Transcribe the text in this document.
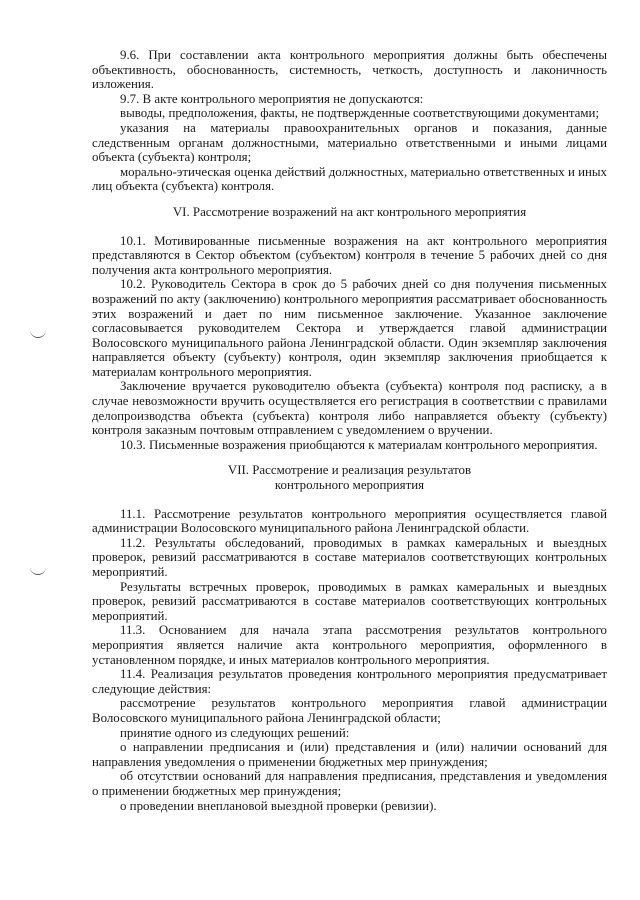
9.6. При составлении акта контрольного мероприятия должны быть обеспечены объективность, обоснованность, системность, четкость, доступность и лаконичность изложения.

9.7. В акте контрольного мероприятия не допускаются:

выводы, предположения, факты, не подтвержденные соответствующими документами;

указания на материалы правоохранительных органов и показания, данные следственным органам должностными, материально ответственными и иными лицами объекта (субъекта) контроля;

морально-этическая оценка действий должностных, материально ответственных и иных лиц объекта (субъекта) контроля.

VI. Рассмотрение возражений на акт контрольного мероприятия

10.1. Мотивированные письменные возражения на акт контрольного мероприятия представляются в Сектор объектом (субъектом) контроля в течение 5 рабочих дней со дня получения акта контрольного мероприятия.

10.2. Руководитель Сектора в срок до 5 рабочих дней со дня получения письменных возражений по акту (заключению) контрольного мероприятия рассматривает обоснованность этих возражений и дает по ним письменное заключение. Указанное заключение согласовывается руководителем Сектора и утверждается главой администрации Волосовского муниципального района Ленинградской области. Один экземпляр заключения направляется объекту (субъекту) контроля, один экземпляр заключения приобщается к материалам контрольного мероприятия.

Заключение вручается руководителю объекта (субъекта) контроля под расписку, а в случае невозможности вручить осуществляется его регистрация в соответствии с правилами делопроизводства объекта (субъекта) контроля либо направляется объекту (субъекту) контроля заказным почтовым отправлением с уведомлением о вручении.

10.3. Письменные возражения приобщаются к материалам контрольного мероприятия.

VII. Рассмотрение и реализация результатов

контрольного мероприятия

11.1. Рассмотрение результатов контрольного мероприятия осуществляется главой администрации Волосовского муниципального района Ленинградской области.

11.2. Результаты обследований, проводимых в рамках камеральных и выездных проверок, ревизий рассматриваются в составе материалов соответствующих контрольных мероприятий.

Результаты встречных проверок, проводимых в рамках камеральных и выездных проверок, ревизий рассматриваются в составе материалов соответствующих контрольных мероприятий.

11.3. Основанием для начала этапа рассмотрения результатов контрольного мероприятия является наличие акта контрольного мероприятия, оформленного в установленном порядке, и иных материалов контрольного мероприятия.

11.4. Реализация результатов проведения контрольного мероприятия предусматривает следующие действия:

рассмотрение результатов контрольного мероприятия главой администрации Волосовского муниципального района Ленинградской области;

принятие одного из следующих решений:

о направлении предписания и (или) представления и (или) наличии оснований для направления уведомления о применении бюджетных мер принуждения;

об отсутствии оснований для направления предписания, представления и уведомления о применении бюджетных мер принуждения;

о проведении внеплановой выездной проверки (ревизии).
